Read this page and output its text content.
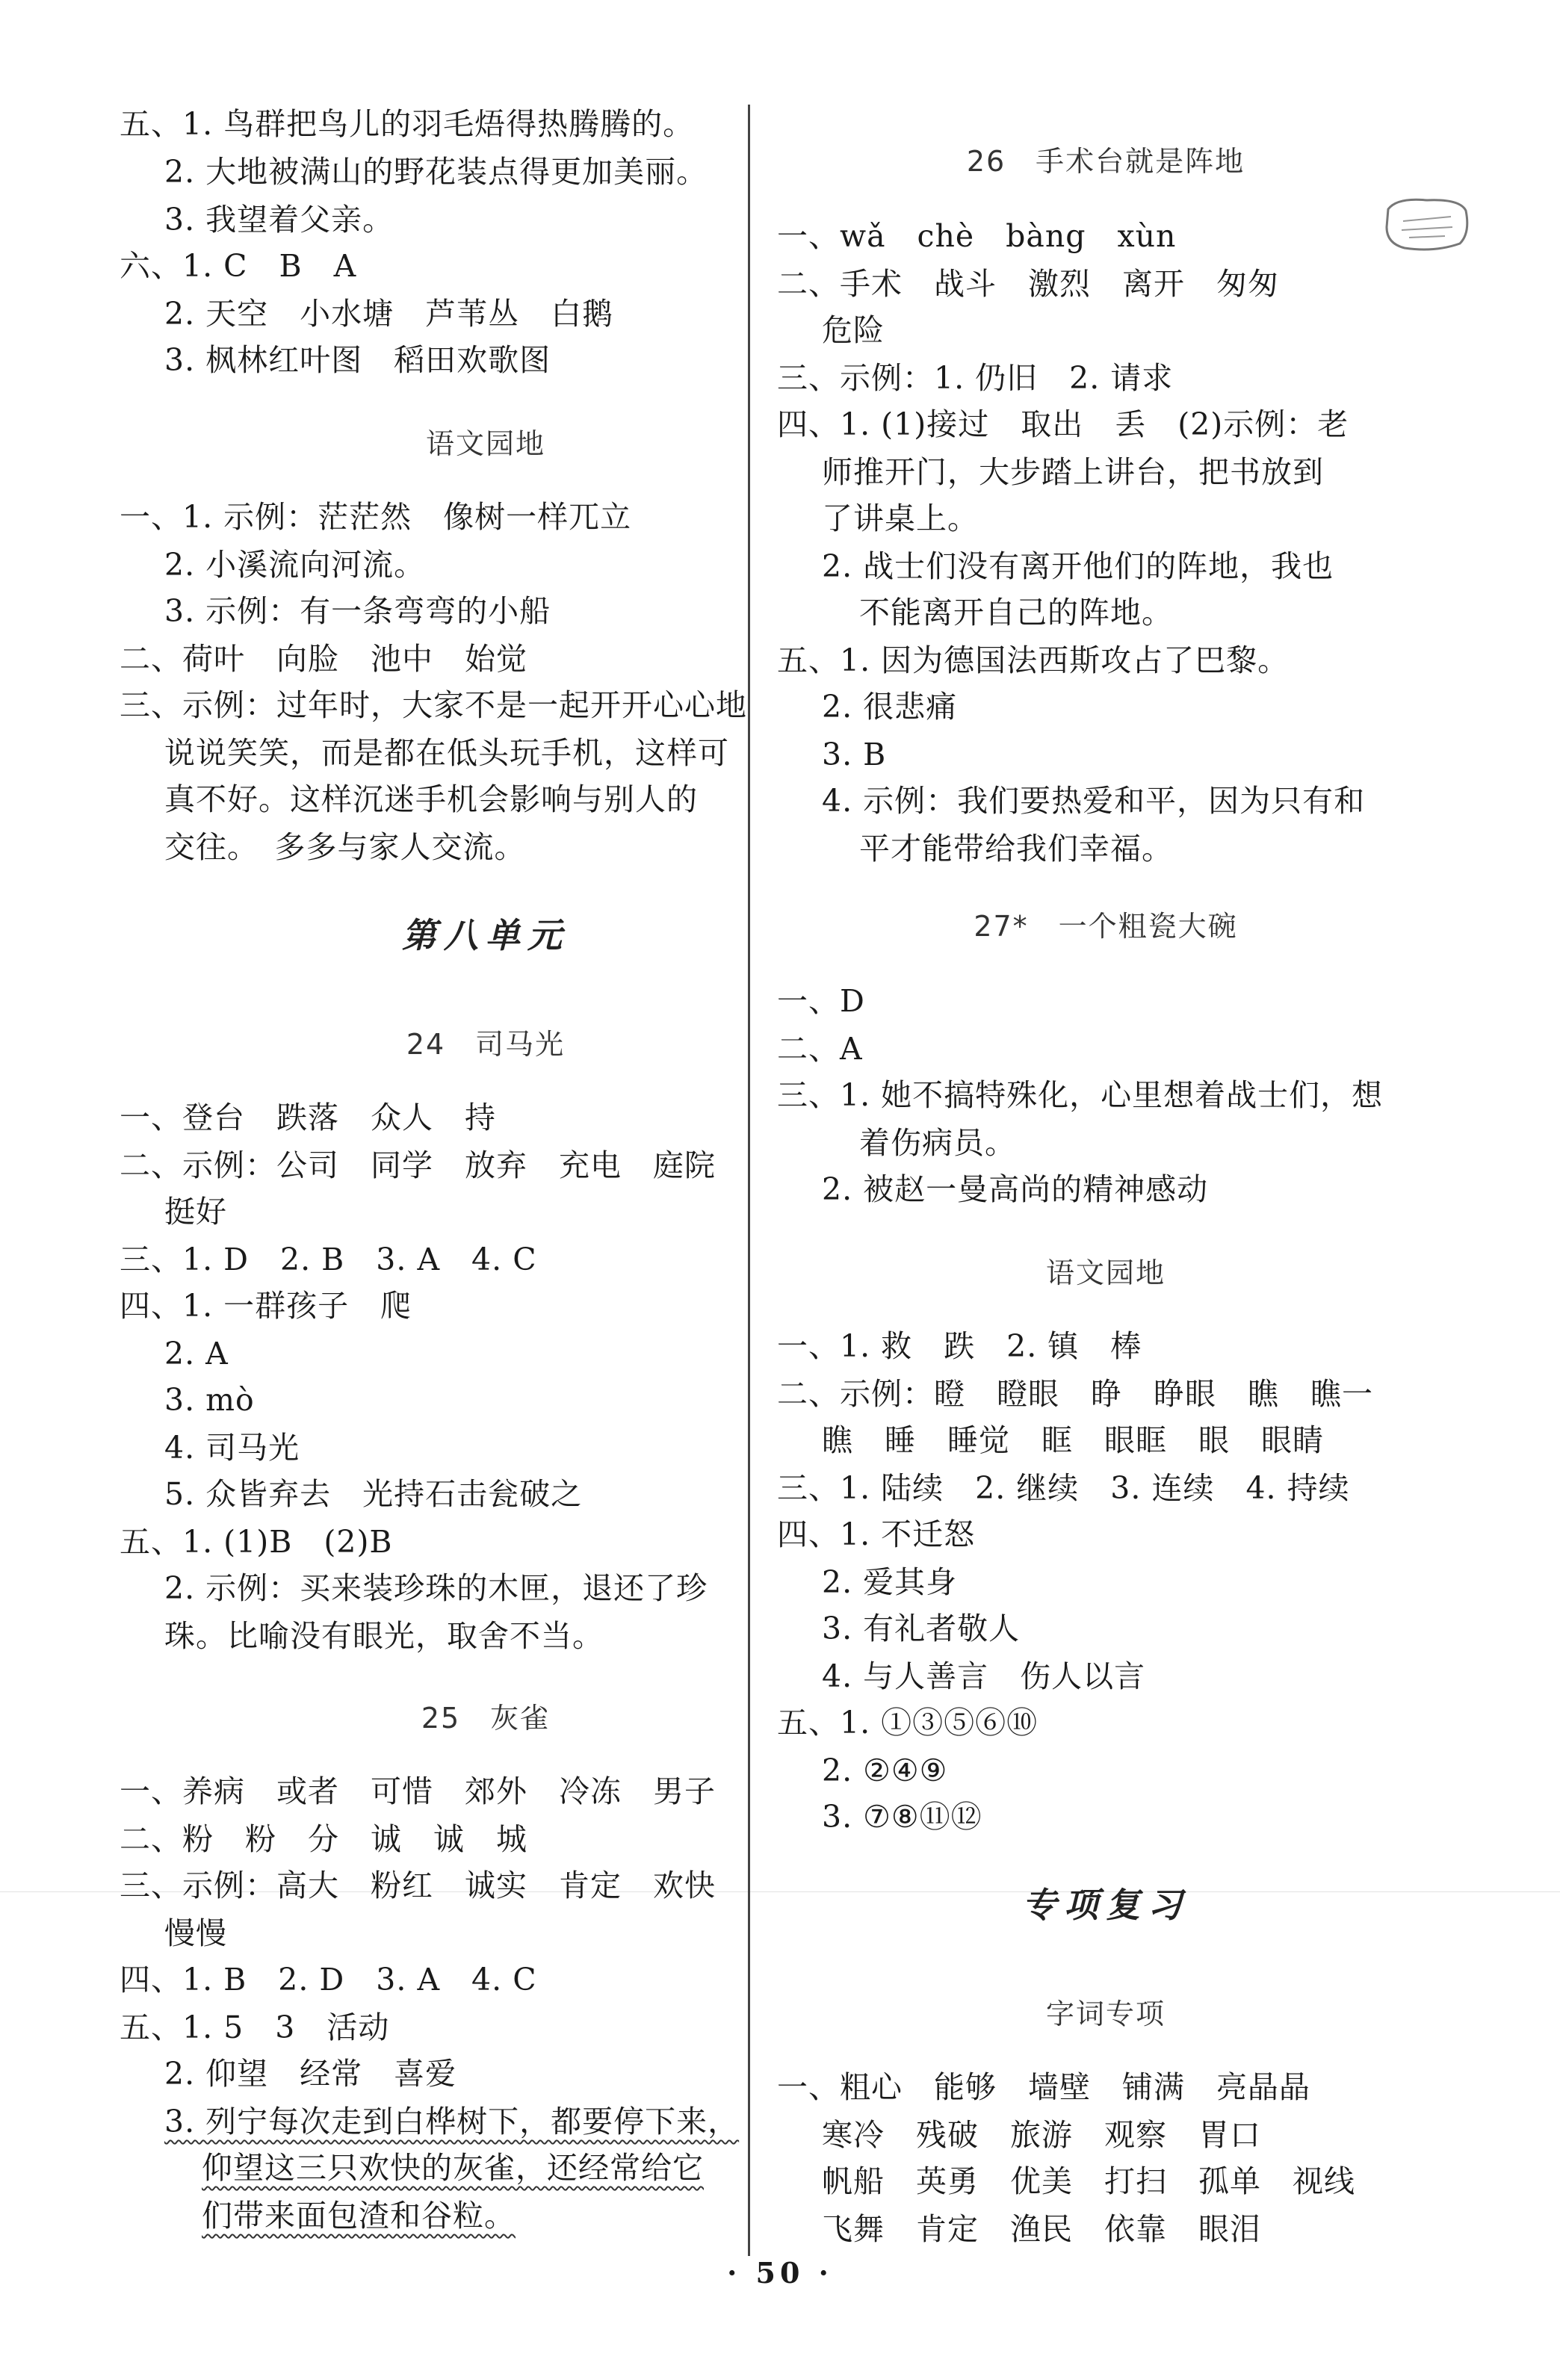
五、1. 鸟群把鸟儿的羽毛焐得热腾腾的。
2. 大地被满山的野花装点得更加美丽。
3. 我望着父亲。
六、1. C　B　A
2. 天空　小水塘　芦苇丛　白鹅
3. 枫林红叶图　稻田欢歌图
语文园地
一、1. 示例：茫茫然　像树一样兀立
2. 小溪流向河流。
3. 示例：有一条弯弯的小船
二、荷叶　向脸　池中　始觉
三、示例：过年时，大家不是一起开开心心地
说说笑笑，而是都在低头玩手机，这样可
真不好。这样沉迷手机会影响与别人的
交往。　多多与家人交流。
第八单元
24　司马光
一、登台　跌落　众人　持
二、示例：公司　同学　放弃　充电　庭院
挺好
三、1. D　2. B　3. A　4. C
四、1. 一群孩子　爬
2. A
3. mò
4. 司马光
5. 众皆弃去　光持石击瓮破之
五、1. (1)B　(2)B
2. 示例：买来装珍珠的木匣，退还了珍
珠。比喻没有眼光，取舍不当。
25　灰雀
一、养病　或者　可惜　郊外　冷冻　男子
二、粉　粉　分　诚　诚　城
三、示例：高大　粉红　诚实　肯定　欢快
慢慢
四、1. B　2. D　3. A　4. C
五、1. 5　3　活动
2. 仰望　经常　喜爱
3. 列宁每次走到白桦树下，都要停下来，
仰望这三只欢快的灰雀，还经常给它
们带来面包渣和谷粒。
26　手术台就是阵地
一、wǎ　chè　bàng　xùn
二、手术　战斗　激烈　离开　匆匆
危险
三、示例：1. 仍旧　2. 请求
四、1. (1)接过　取出　丢　(2)示例：老
师推开门，大步踏上讲台，把书放到
了讲桌上。
2. 战士们没有离开他们的阵地，我也
不能离开自己的阵地。
五、1. 因为德国法西斯攻占了巴黎。
2. 很悲痛
3. B
4. 示例：我们要热爱和平，因为只有和
平才能带给我们幸福。
27*　一个粗瓷大碗
一、D
二、A
三、1. 她不搞特殊化，心里想着战士们，想
着伤病员。
2. 被赵一曼高尚的精神感动
语文园地
一、1. 救　跌　2. 镇　棒
二、示例：瞪　瞪眼　睁　睁眼　瞧　瞧一
瞧　睡　睡觉　眶　眼眶　眼　眼睛
三、1. 陆续　2. 继续　3. 连续　4. 持续
四、1. 不迁怒
2. 爱其身
3. 有礼者敬人
4. 与人善言　伤人以言
五、1. ①③⑤⑥⑩
2. ②④⑨
3. ⑦⑧⑪⑫
专项复习
字词专项
一、粗心　能够　墙壁　铺满　亮晶晶
寒冷　残破　旅游　观察　胃口
帆船　英勇　优美　打扫　孤单　视线
飞舞　肯定　渔民　依靠　眼泪
· 50 ·
